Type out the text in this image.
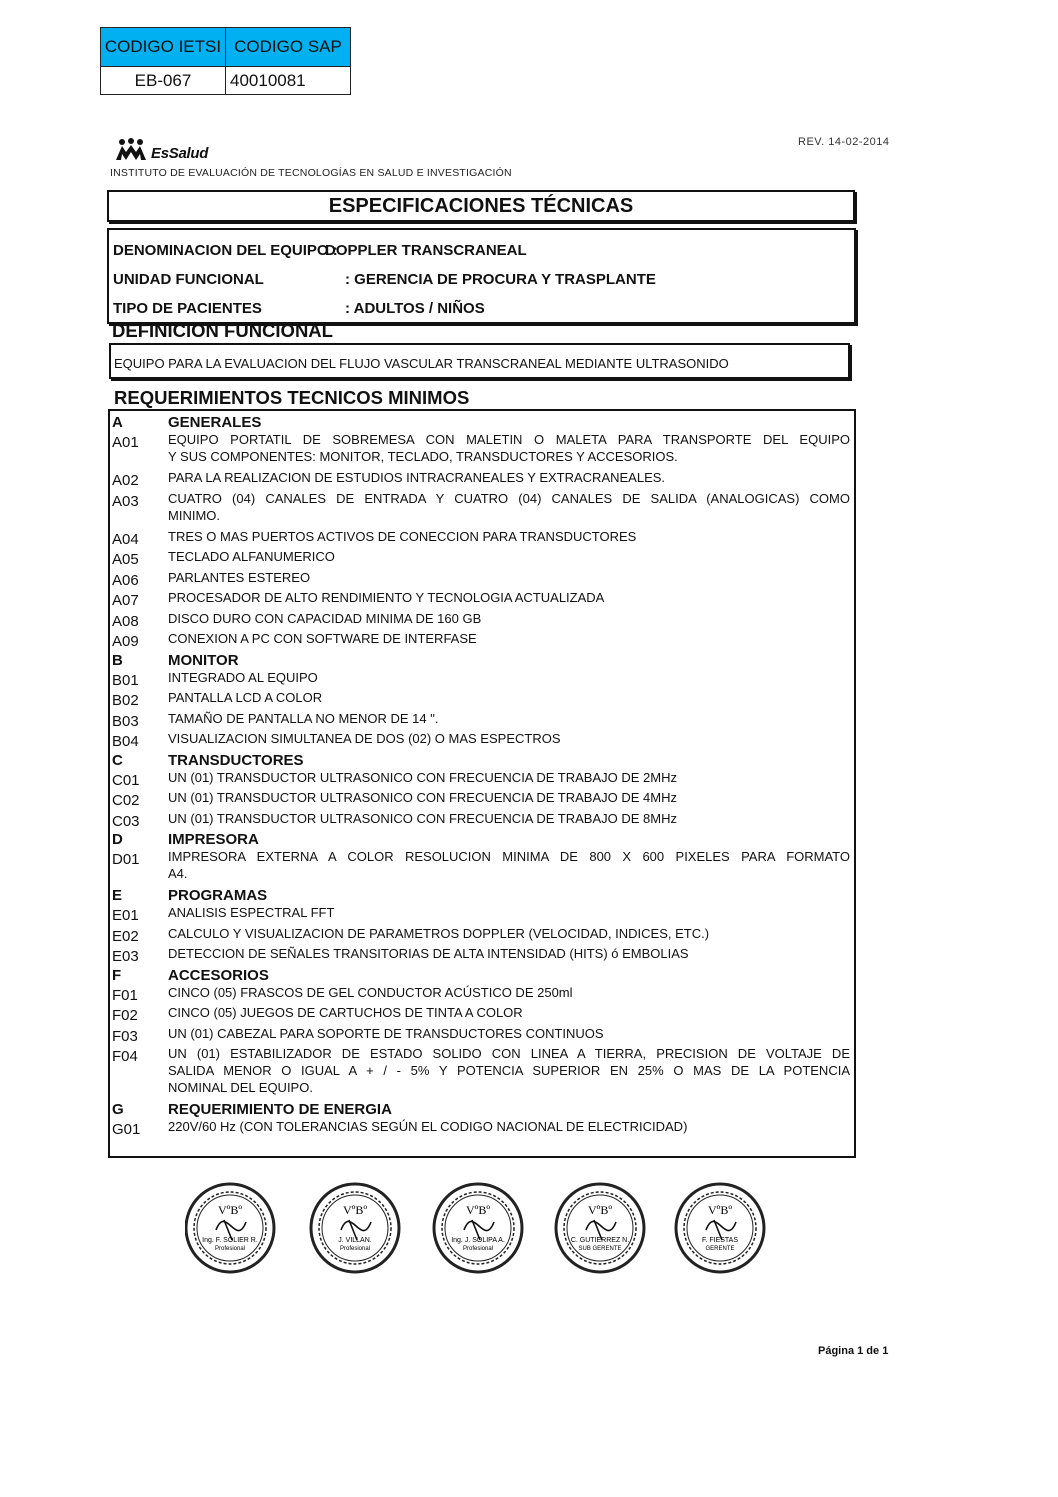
CODIGO IETSI	CODIGO SAP
EB-067	40010081
REV. 14-02-2014
EsSalud
INSTITUTO DE EVALUACIÓN DE TECNOLOGÍAS EN SALUD E INVESTIGACIÓN
ESPECIFICACIONES TÉCNICAS
DENOMINACION DEL EQUIPO :
DOPPLER TRANSCRANEAL
UNIDAD FUNCIONAL	: GERENCIA DE PROCURA Y TRASPLANTE
TIPO DE PACIENTES	: ADULTOS / NIÑOS
DEFINICION FUNCIONAL
EQUIPO PARA LA EVALUACION DEL FLUJO VASCULAR TRANSCRANEAL MEDIANTE ULTRASONIDO
REQUERIMIENTOS TECNICOS MINIMOS
A	GENERALES
A01 EQUIPO PORTATIL DE SOBREMESA CON MALETIN O MALETA PARA TRANSPORTE DEL EQUIPO
Y SUS COMPONENTES: MONITOR, TECLADO, TRANSDUCTORES Y ACCESORIOS.
A02 PARA LA REALIZACION DE ESTUDIOS INTRACRANEALES Y EXTRACRANEALES.
A03 CUATRO (04) CANALES DE ENTRADA Y CUATRO (04) CANALES DE SALIDA (ANALOGICAS) COMO
MINIMO.
A04 TRES O MAS PUERTOS ACTIVOS DE CONECCION PARA TRANSDUCTORES
A05 TECLADO ALFANUMERICO
A06 PARLANTES ESTEREO
A07 PROCESADOR DE ALTO RENDIMIENTO Y TECNOLOGIA ACTUALIZADA
A08 DISCO DURO CON CAPACIDAD MINIMA DE 160 GB
A09 CONEXION A PC CON SOFTWARE DE INTERFASE
B	MONITOR
B01 INTEGRADO AL EQUIPO
B02 PANTALLA LCD A COLOR
B03 TAMAÑO DE PANTALLA NO MENOR DE 14 ".
B04 VISUALIZACION SIMULTANEA DE DOS (02) O MAS ESPECTROS
C	TRANSDUCTORES
C01 UN (01) TRANSDUCTOR ULTRASONICO CON FRECUENCIA DE TRABAJO DE 2MHz
C02 UN (01) TRANSDUCTOR ULTRASONICO CON FRECUENCIA DE TRABAJO DE 4MHz
C03 UN (01) TRANSDUCTOR ULTRASONICO CON FRECUENCIA DE TRABAJO DE 8MHz
D	IMPRESORA
D01 IMPRESORA EXTERNA A COLOR RESOLUCION MINIMA DE 800 X 600 PIXELES PARA FORMATO
A4.
E	PROGRAMAS
E01 ANALISIS ESPECTRAL FFT
E02 CALCULO Y VISUALIZACION DE PARAMETROS DOPPLER (VELOCIDAD, INDICES, ETC.)
E03 DETECCION DE SEÑALES TRANSITORIAS DE ALTA INTENSIDAD (HITS) ó EMBOLIAS
F	ACCESORIOS
F01 CINCO (05) FRASCOS DE GEL CONDUCTOR ACÚSTICO DE 250ml
F02 CINCO (05) JUEGOS DE CARTUCHOS DE TINTA A COLOR
F03 UN (01) CABEZAL PARA SOPORTE DE TRANSDUCTORES CONTINUOS
F04 UN (01) ESTABILIZADOR DE ESTADO SOLIDO CON LINEA A TIERRA, PRECISION DE VOLTAJE DE
SALIDA MENOR O IGUAL A + / - 5% Y POTENCIA SUPERIOR EN 25% O MAS DE LA POTENCIA
NOMINAL DEL EQUIPO.
G	REQUERIMIENTO DE ENERGIA
G01 220V/60 Hz (CON TOLERANCIAS SEGÚN EL CODIGO NACIONAL DE ELECTRICIDAD)
VºBº
Ing. F. SOLIER R.
Profesional
VºBº
J. VILLAN.
Profesional
VºBº
Ing. J. SOLIPA A.
Profesional
VºBº
C. GUTIERREZ N.
SUB GERENTE
VºBº
F. FIESTAS
GERENTE
Página 1 de 1
